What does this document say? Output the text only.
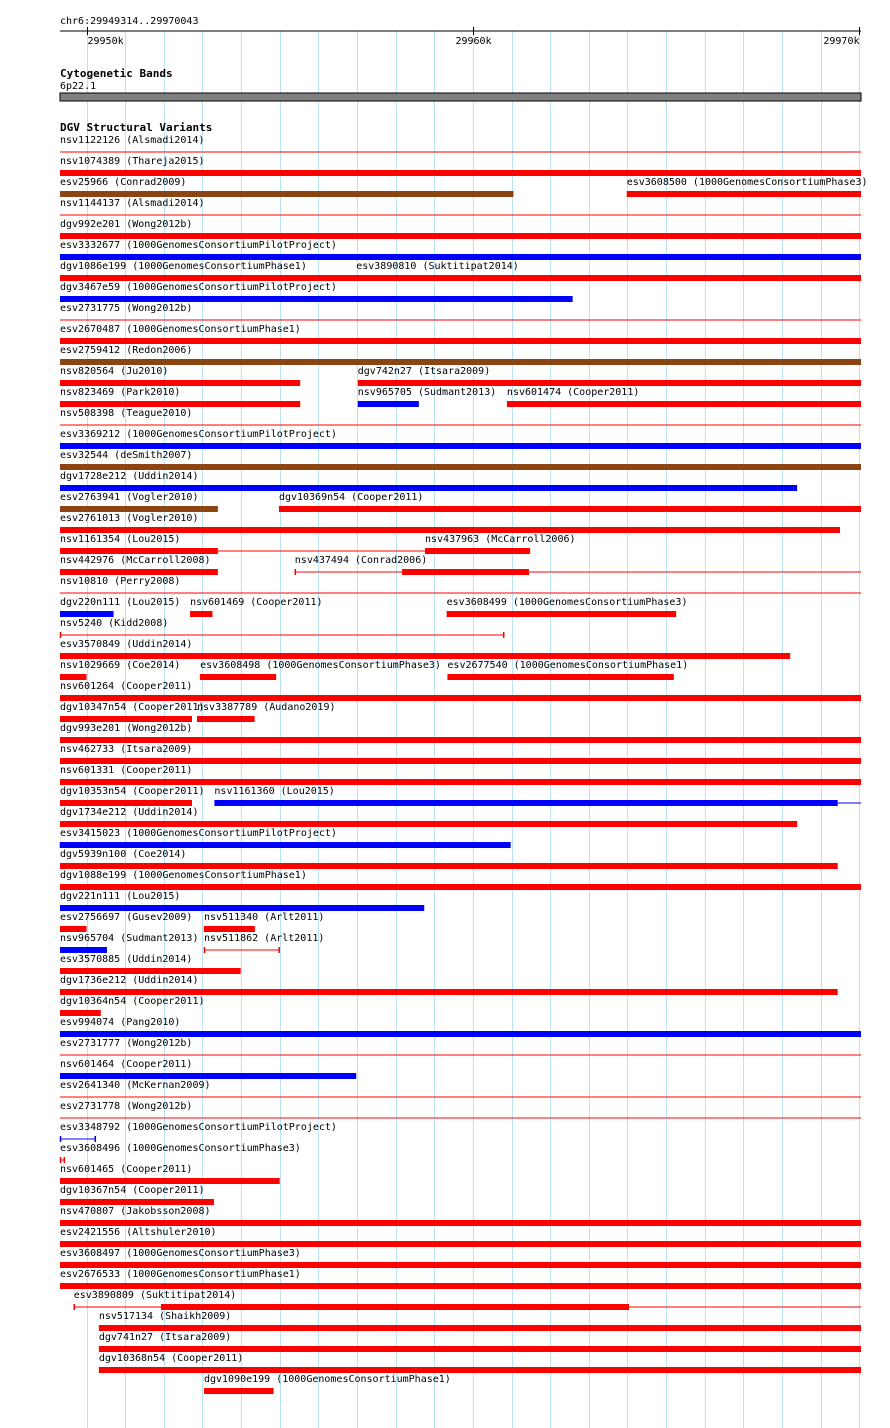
chr6:29949314..29970043
29950k	29960k	29970k
Cytogenetic Bands
6p22.1
DGV Structural Variants
nsv1122126 (Alsmadi2014)
nsv1074389 (Thareja2015)
esv25966 (Conrad2009)	esv3608500 (1000GenomesConsortiumPhase3)
nsv1144137 (Alsmadi2014)
dgv992e201 (Wong2012b)
esv3332677 (1000GenomesConsortiumPilotProject)
dgv1086e199 (1000GenomesConsortiumPhase1)	esv3890810 (Suktitipat2014)
dgv3467e59 (1000GenomesConsortiumPilotProject)
esv2731775 (Wong2012b)
esv2670487 (1000GenomesConsortiumPhase1)
esv2759412 (Redon2006)
nsv820564 (Ju2010)	dgv742n27 (Itsara2009)
nsv823469 (Park2010)	nsv965705 (Sudmant2013) nsv601474 (Cooper2011)
nsv508398 (Teague2010)
esv3369212 (1000GenomesConsortiumPilotProject)
esv32544 (deSmith2007)
dgv1728e212 (Uddin2014)
esv2763941 (Vogler2010)	dgv10369n54 (Cooper2011)
esv2761013 (Vogler2010)
nsv1161354 (Lou2015)	nsv437963 (McCarroll2006)
nsv442976 (McCarroll2008)	nsv437494 (Conrad2006)
nsv10810 (Perry2008)
dgv220n111 (Lou2015) nsv601469 (Cooper2011)	esv3608499 (1000GenomesConsortiumPhase3)
nsv5240 (Kidd2008)
esv3570849 (Uddin2014)
nsv1029669 (Coe2014) esv3608498 (1000GenomesConsortiumPhase3) esv2677540 (1000GenomesConsortiumPhase1)
nsv601264 (Cooper2011)
dgv10347n54 (Cooper2011)
nsv3387789 (Audano2019)
dgv993e201 (Wong2012b)
nsv462733 (Itsara2009)
nsv601331 (Cooper2011)
dgv10353n54 (Cooper2011) nsv1161360 (Lou2015)
dgv1734e212 (Uddin2014)
esv3415023 (1000GenomesConsortiumPilotProject)
dgv5939n100 (Coe2014)
dgv1088e199 (1000GenomesConsortiumPhase1)
dgv221n111 (Lou2015)
esv2756697 (Gusev2009) nsv511340 (Arlt2011)
nsv965704 (Sudmant2013) nsv511862 (Arlt2011)
esv3570885 (Uddin2014)
dgv1736e212 (Uddin2014)
dgv10364n54 (Cooper2011)
esv994074 (Pang2010)
esv2731777 (Wong2012b)
nsv601464 (Cooper2011)
esv2641340 (McKernan2009)
esv2731778 (Wong2012b)
esv3348792 (1000GenomesConsortiumPilotProject)
esv3608496 (1000GenomesConsortiumPhase3)
nsv601465 (Cooper2011)
dgv10367n54 (Cooper2011)
nsv470807 (Jakobsson2008)
esv2421556 (Altshuler2010)
esv3608497 (1000GenomesConsortiumPhase3)
esv2676533 (1000GenomesConsortiumPhase1)
esv3890809 (Suktitipat2014)
nsv517134 (Shaikh2009)
dgv741n27 (Itsara2009)
dgv10368n54 (Cooper2011)
dgv1090e199 (1000GenomesConsortiumPhase1)
